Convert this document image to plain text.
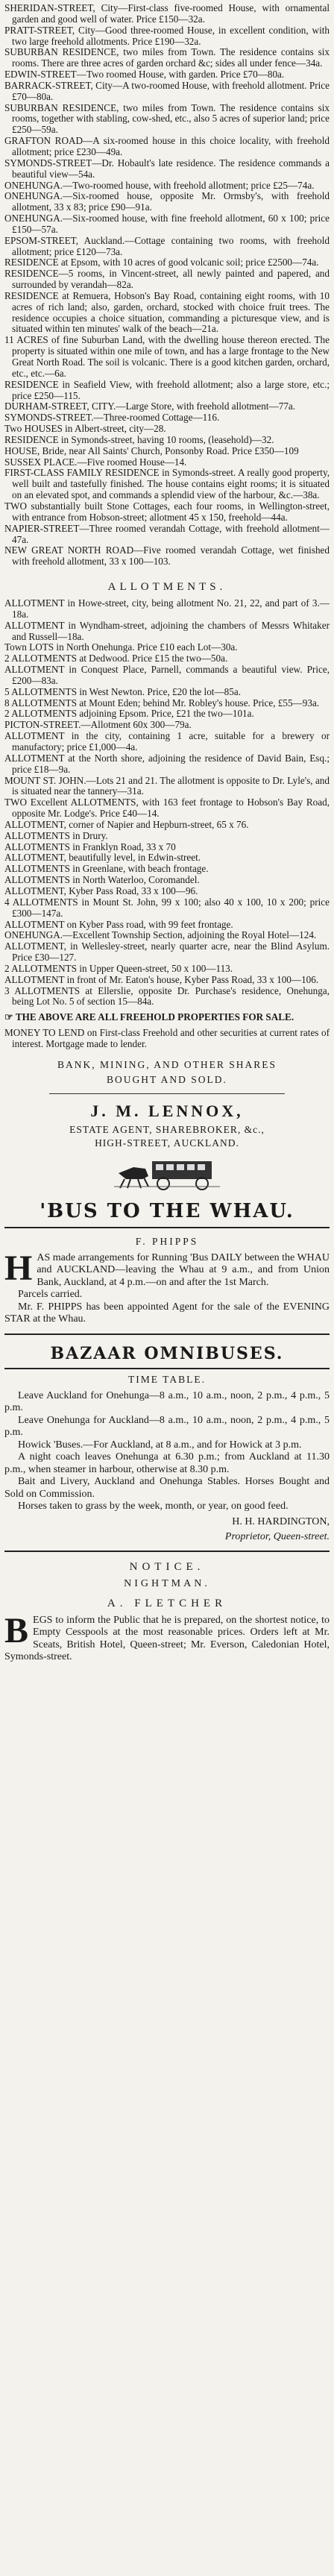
SHERIDAN-STREET, City—First-class five-roomed House, with ornamental garden and good well of water. Price £150—32a.

PRATT-STREET, City—Good three-roomed House, in excellent condition, with two large freehold allotments. Price £190—32a.

SUBURBAN RESIDENCE, two miles from Town. The residence contains six rooms. There are three acres of garden orchard &c; sides all under fence—34a.

EDWIN-STREET—Two roomed House, with garden. Price £70—80a.

BARRACK-STREET, City—A two-roomed House, with freehold allotment. Price £70—80a.

SUBURBAN RESIDENCE, two miles from Town. The residence contains six rooms, together with stabling, cow-shed, etc., also 5 acres of superior land; price £250—59a.

GRAFTON ROAD—A six-roomed house in this choice locality, with freehold allotment; price £230—49a.

SYMONDS-STREET—Dr. Hobault's late residence. The residence commands a beautiful view—54a.

ONEHUNGA.—Two-roomed house, with freehold allotment; price £25—74a.

ONEHUNGA.—Six-roomed house, opposite Mr. Ormsby's, with freehold allotment, 33 x 83; price £90—91a.

ONEHUNGA.—Six-roomed house, with fine freehold allotment, 60 x 100; price £150—57a.

EPSOM-STREET, Auckland.—Cottage containing two rooms, with freehold allotment; price £120—73a.

RESIDENCE at Epsom, with 10 acres of good volcanic soil; price £2500—74a.

RESIDENCE—5 rooms, in Vincent-street, all newly painted and papered, and surrounded by verandah—82a.

RESIDENCE at Remuera, Hobson's Bay Road, containing eight rooms, with 10 acres of rich land; also, garden, orchard, stocked with choice fruit trees. The residence occupies a choice situation, commanding a picturesque view, and is situated within ten minutes' walk of the beach—21a.

11 ACRES of fine Suburban Land, with the dwelling house thereon erected. The property is situated within one mile of town, and has a large frontage to the New Great North Road. The soil is volcanic. There is a good kitchen garden, orchard, etc., etc.—6a.

RESIDENCE in Seafield View, with freehold allotment; also a large store, etc.; price £250—115.

DURHAM-STREET, CITY.—Large Store, with freehold allotment—77a.

SYMONDS-STREET.—Three-roomed Cottage—116.

Two HOUSES in Albert-street, city—28.

RESIDENCE in Symonds-street, having 10 rooms, (leasehold)—32.

HOUSE, Bride, near All Saints' Church, Ponsonby Road. Price £350—109

SUSSEX PLACE.—Five roomed House—14.

FIRST-CLASS FAMILY RESIDENCE in Symonds-street. A really good property, well built and tastefully finished. The house contains eight rooms; it is situated on an elevated spot, and commands a splendid view of the harbour, &c.—38a.

TWO substantially built Stone Cottages, each four rooms, in Wellington-street, with entrance from Hobson-street; allotment 45 x 150, freehold—44a.

NAPIER-STREET—Three roomed verandah Cottage, with freehold allotment—47a.

NEW GREAT NORTH ROAD—Five roomed verandah Cottage, wet finished with freehold allotment, 33 x 100—103.

ALLOTMENTS.

ALLOTMENT in Howe-street, city, being allotment No. 21, 22, and part of 3.—18a.

ALLOTMENT in Wyndham-street, adjoining the chambers of Messrs Whitaker and Russell—18a.

Town LOTS in North Onehunga. Price £10 each Lot—30a.

2 ALLOTMENTS at Dedwood. Price £15 the two—50a.

ALLOTMENT in Conquest Place, Parnell, commands a beautiful view. Price, £200—83a.

5 ALLOTMENTS in West Newton. Price, £20 the lot—85a.

8 ALLOTMENTS at Mount Eden; behind Mr. Robley's house. Price, £55—93a.

2 ALLOTMENTS adjoining Epsom. Price, £21 the two—101a.

PICTON-STREET.—Allotment 60x 300—79a.

ALLOTMENT in the city, containing 1 acre, suitable for a brewery or manufactory; price £1,000—4a.

ALLOTMENT at the North shore, adjoining the residence of David Bain, Esq.; price £18—9a.

MOUNT ST. JOHN.—Lots 21 and 21. The allotment is opposite to Dr. Lyle's, and is situated near the tannery—31a.

TWO Excellent ALLOTMENTS, with 163 feet frontage to Hobson's Bay Road, opposite Mr. Lodge's. Price £40—14.

ALLOTMENT, corner of Napier and Hepburn-street, 65 x 76.

ALLOTMENTS in Drury.

ALLOTMENTS in Franklyn Road, 33 x 70

ALLOTMENT, beautifully level, in Edwin-street.

ALLOTMENTS in Greenlane, with beach frontage.

ALLOTMENTS in North Waterloo, Coromandel.

ALLOTMENT, Kyber Pass Road, 33 x 100—96.

4 ALLOTMENTS in Mount St. John, 99 x 100; also 40 x 100, 10 x 200; price £300—147a.

ALLOTMENT on Kyber Pass road, with 99 feet frontage.

ONEHUNGA.—Excellent Township Section, adjoining the Royal Hotel—124.

ALLOTMENT, in Wellesley-street, nearly quarter acre, near the Blind Asylum. Price £30—127.

2 ALLOTMENTS in Upper Queen-street, 50 x 100—113.

ALLOTMENT in front of Mr. Eaton's house, Kyber Pass Road, 33 x 100—106.

3 ALLOTMENTS at Ellerslie, opposite Dr. Purchase's residence, Onehunga, being Lot No. 5 of section 15—84a.

☞ THE ABOVE ARE ALL FREEHOLD PROPERTIES FOR SALE.

MONEY TO LEND on First-class Freehold and other securities at current rates of interest. Mortgage made to lender.

BANK, MINING, AND OTHER SHARES
BOUGHT AND SOLD.
J. M. LENNOX,
ESTATE AGENT, SHAREBROKER, &c.,
HIGH-STREET, AUCKLAND.
'BUS TO THE WHAU.
F. PHIPPS

HAS made arrangements for Running 'Bus DAILY between the WHAU and AUCKLAND—leaving the Whau at 9 a.m., and from Union Bank, Auckland, at 4 p.m.—on and after the 1st March.

Parcels carried.

Mr. F. PHIPPS has been appointed Agent for the sale of the EVENING STAR at the Whau.

BAZAAR OMNIBUSES.
TIME TABLE.

Leave Auckland for Onehunga—8 a.m., 10 a.m., noon, 2 p.m., 4 p.m., 5 p.m.

Leave Onehunga for Auckland—8 a.m., 10 a.m., noon, 2 p.m., 4 p.m., 5 p.m.

Howick 'Buses.—For Auckland, at 8 a.m., and for Howick at 3 p.m.

A night coach leaves Onehunga at 6.30 p.m.; from Auckland at 11.30 p.m., when steamer in harbour, otherwise at 8.30 p.m.

Bait and Livery, Auckland and Onehunga Stables. Horses Bought and Sold on Commission.

Horses taken to grass by the week, month, or year, on good feed.

H. H. HARDINGTON,
Proprietor, Queen-street.
NOTICE.
NIGHTMAN.
A. FLETCHER

BEGS to inform the Public that he is prepared, on the shortest notice, to Empty Cesspools at the most reasonable prices. Orders left at Mr. Sceats, British Hotel, Queen-street; Mr. Everson, Caledonian Hotel, Symonds-street.
